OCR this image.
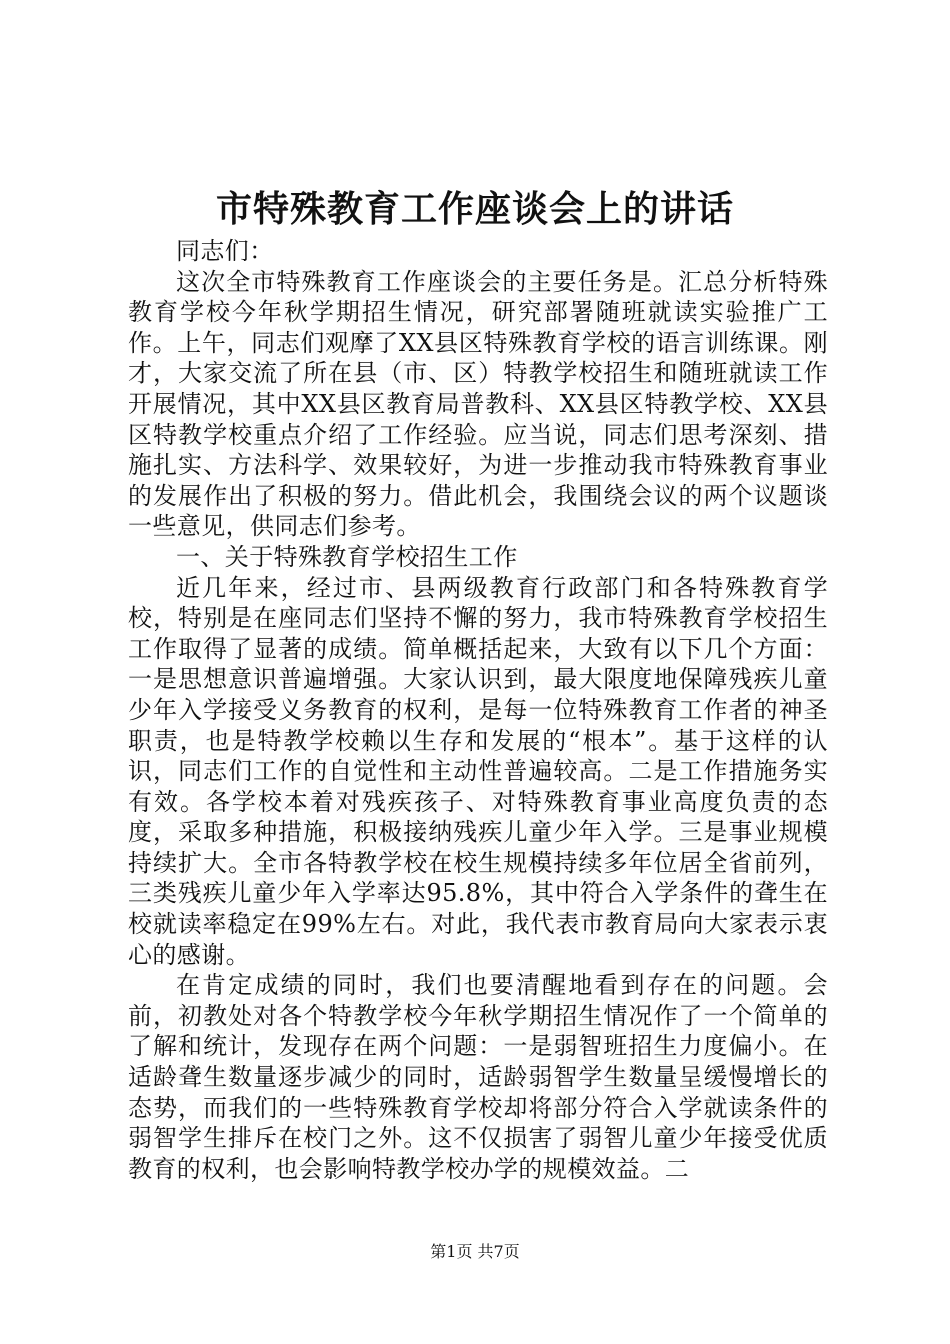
市特殊教育工作座谈会上的讲话

同志们：

这次全市特殊教育工作座谈会的主要任务是。汇总分析特殊教育学校今年秋学期招生情况，研究部署随班就读实验推广工作。上午，同志们观摩了XX县区特殊教育学校的语言训练课。刚才，大家交流了所在县（市、区）特教学校招生和随班就读工作开展情况，其中XX县区教育局普教科、XX县区特教学校、XX县区特教学校重点介绍了工作经验。应当说，同志们思考深刻、措施扎实、方法科学、效果较好，为进一步推动我市特殊教育事业的发展作出了积极的努力。借此机会，我围绕会议的两个议题谈一些意见，供同志们参考。

一、关于特殊教育学校招生工作

近几年来，经过市、县两级教育行政部门和各特殊教育学校，特别是在座同志们坚持不懈的努力，我市特殊教育学校招生工作取得了显著的成绩。简单概括起来，大致有以下几个方面：一是思想意识普遍增强。大家认识到，最大限度地保障残疾儿童少年入学接受义务教育的权利，是每一位特殊教育工作者的神圣职责，也是特教学校赖以生存和发展的“根本”。基于这样的认识，同志们工作的自觉性和主动性普遍较高。二是工作措施务实有效。各学校本着对残疾孩子、对特殊教育事业高度负责的态度，采取多种措施，积极接纳残疾儿童少年入学。三是事业规模持续扩大。全市各特教学校在校生规模持续多年位居全省前列，三类残疾儿童少年入学率达95.8%，其中符合入学条件的聋生在校就读率稳定在99%左右。对此，我代表市教育局向大家表示衷心的感谢。

在肯定成绩的同时，我们也要清醒地看到存在的问题。会前，初教处对各个特教学校今年秋学期招生情况作了一个简单的了解和统计，发现存在两个问题：一是弱智班招生力度偏小。在适龄聋生数量逐步减少的同时，适龄弱智学生数量呈缓慢增长的态势，而我们的一些特殊教育学校却将部分符合入学就读条件的弱智学生排斥在校门之外。这不仅损害了弱智儿童少年接受优质教育的权利，也会影响特教学校办学的规模效益。二

第1页 共7页
